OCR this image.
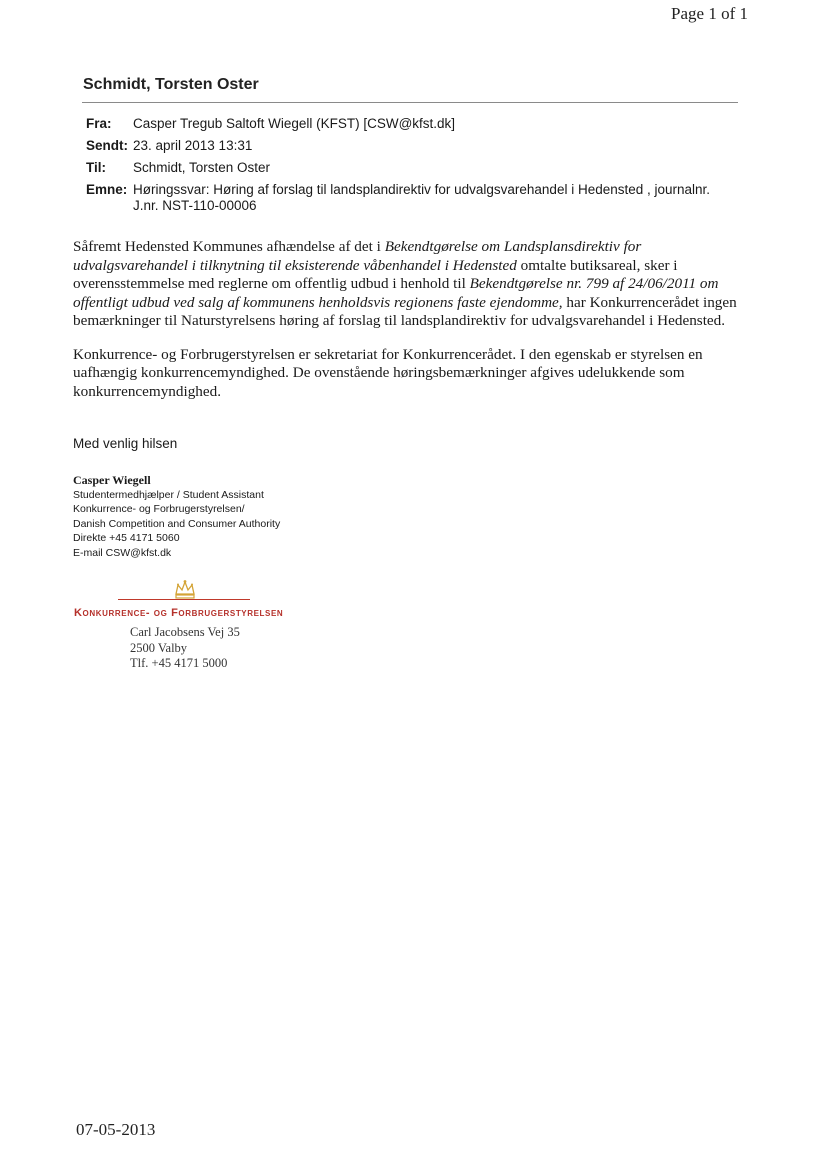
Page 1 of 1
Schmidt, Torsten Oster
Fra:	Casper Tregub Saltoft Wiegell (KFST) [CSW@kfst.dk]
Sendt: 23. april 2013 13:31
Til:	Schmidt, Torsten Oster
Emne: Høringssvar: Høring af forslag til landsplandirektiv for udvalgsvarehandel i Hedensted , journalnr. J.nr. NST-110-00006

Såfremt Hedensted Kommunes afhændelse af det i Bekendtgørelse om Landsplansdirektiv for udvalgsvarehandel i tilknytning til eksisterende våbenhandel i Hedensted omtalte butiksareal, sker i overensstemmelse med reglerne om offentlig udbud i henhold til Bekendtgørelse nr. 799 af 24/06/2011 om offentligt udbud ved salg af kommunens henholdsvis regionens faste ejendomme, har Konkurrencerådet ingen bemærkninger til Naturstyrelsens høring af forslag til landsplandirektiv for udvalgsvarehandel i Hedensted.

Konkurrence- og Forbrugerstyrelsen er sekretariat for Konkurrencerådet. I den egenskab er styrelsen en uafhængig konkurrencemyndighed. De ovenstående høringsbemærkninger afgives udelukkende som konkurrencemyndighed.

Med venlig hilsen
Casper Wiegell
Studentermedhjælper / Student Assistant
Konkurrence- og Forbrugerstyrelsen/
Danish Competition and Consumer Authority
Direkte +45 4171 5060
E-mail CSW@kfst.dk
Konkurrence- og Forbrugerstyrelsen
Carl Jacobsens Vej 35
2500 Valby
Tlf. +45 4171 5000
07-05-2013
